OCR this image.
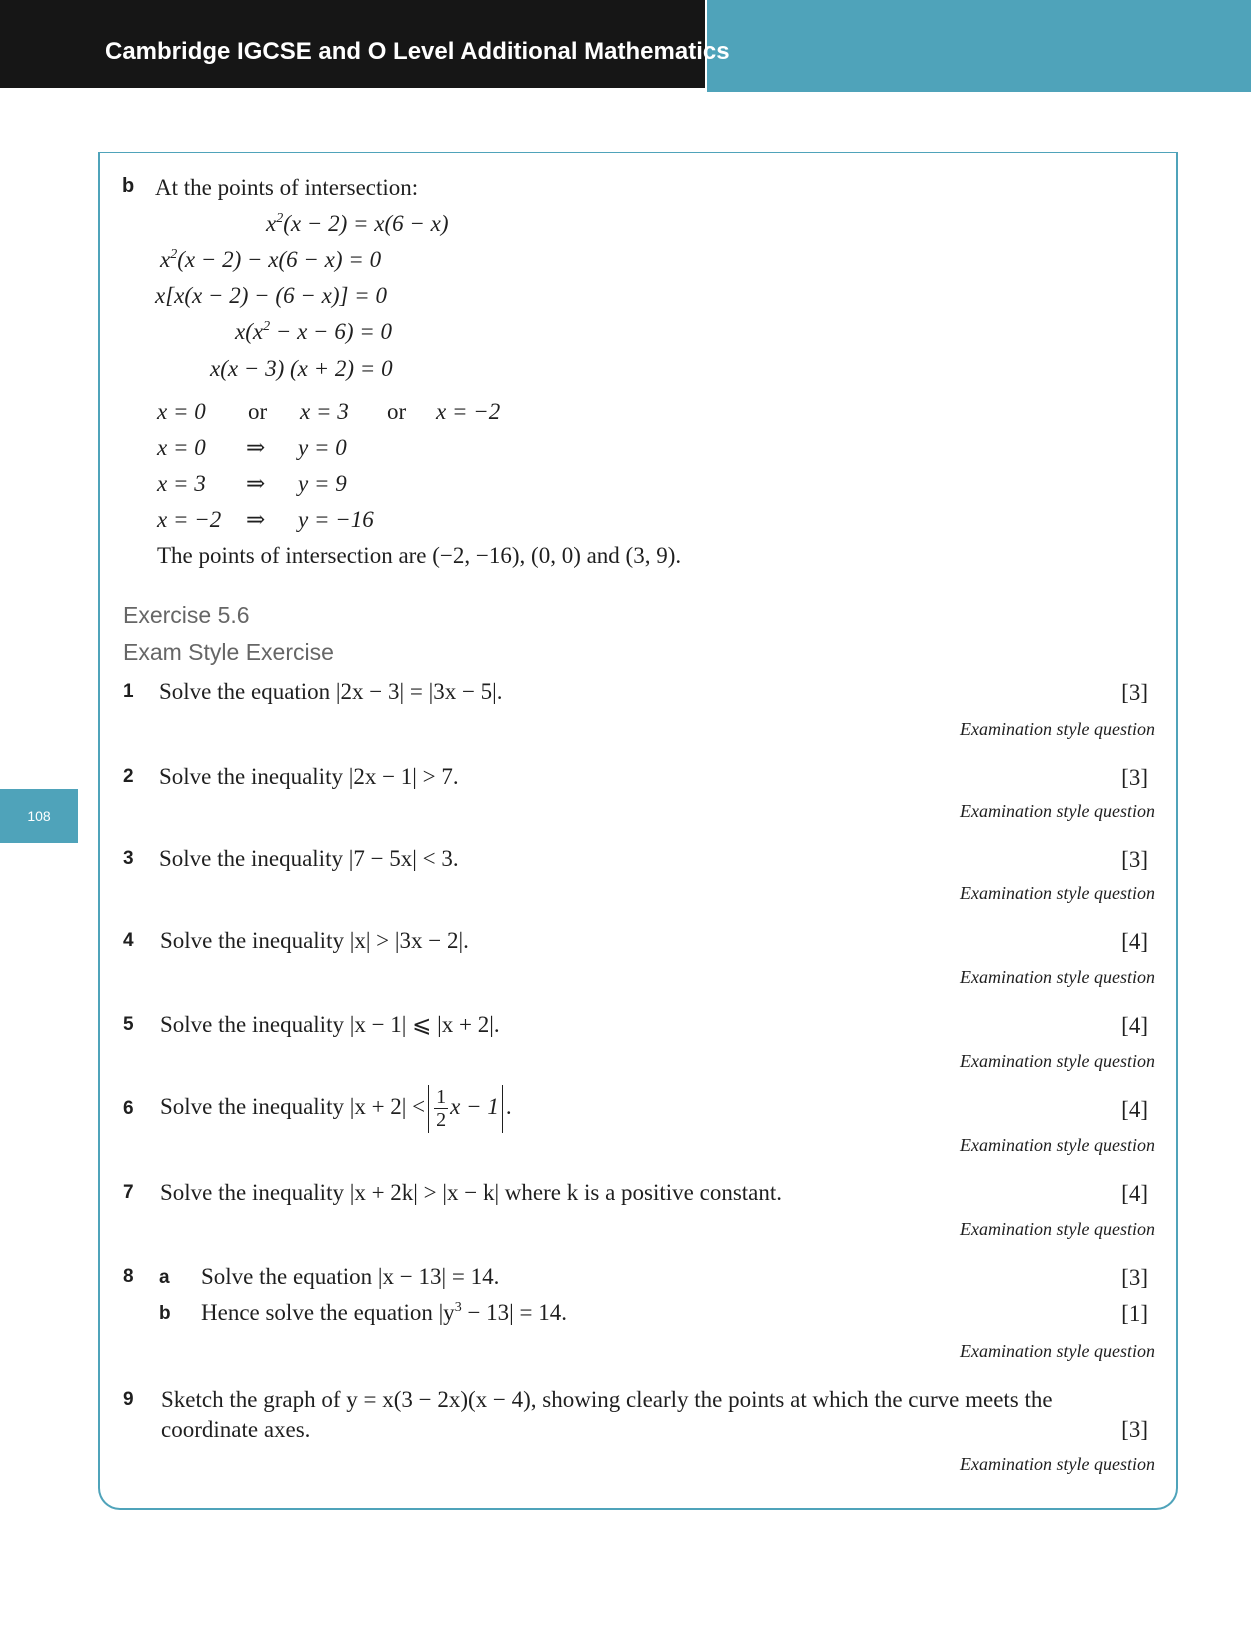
Cambridge IGCSE and O Level Additional Mathematics
108
b At the points of intersection:
$x^2(x - 2) = x(6 - x)$
$x^2(x - 2) - x(6 - x) = 0$
x[x(x − 2) − (6 − x)] = 0
$x(x^2 - x - 6) = 0$
x(x − 3) (x + 2) = 0
x = 0 or x = 3 or x = −2
x = 0 ⇒ y = 0
x = 3 ⇒ y = 9
x = −2 ⇒ y = −16
The points of intersection are (−2, −16), (0, 0) and (3, 9).
Exercise 5.6
Exam Style Exercise
1 Solve the equation |2x − 3| = |3x − 5|.	[3]
Examination style question
2 Solve the inequality |2x − 1| > 7.	[3]
Examination style question
3 Solve the inequality |7 − 5x| < 3.	[3]
Examination style question
4 Solve the inequality |x| > |3x − 2|.	[4]
Examination style question
5 Solve the inequality |x − 1| ⩽ |x + 2|.	[4]
Examination style question
6 Solve the inequality $|x + 2| < \frac{1}{2}$ x − 1 .	[4]
Examination style question
7 Solve the inequality |x + 2k| > |x − k| where k is a positive constant.	[4]
Examination style question
8 a Solve the equation |x − 13| = 14.	[3]
b Hence solve the equation $|y^3 - 13| = 14$.	[1]
Examination style question
9 Sketch the graph of y = x(3 − 2x)(x − 4), showing clearly the points at which the curve meets the
coordinate axes.	[3]
Examination style question
